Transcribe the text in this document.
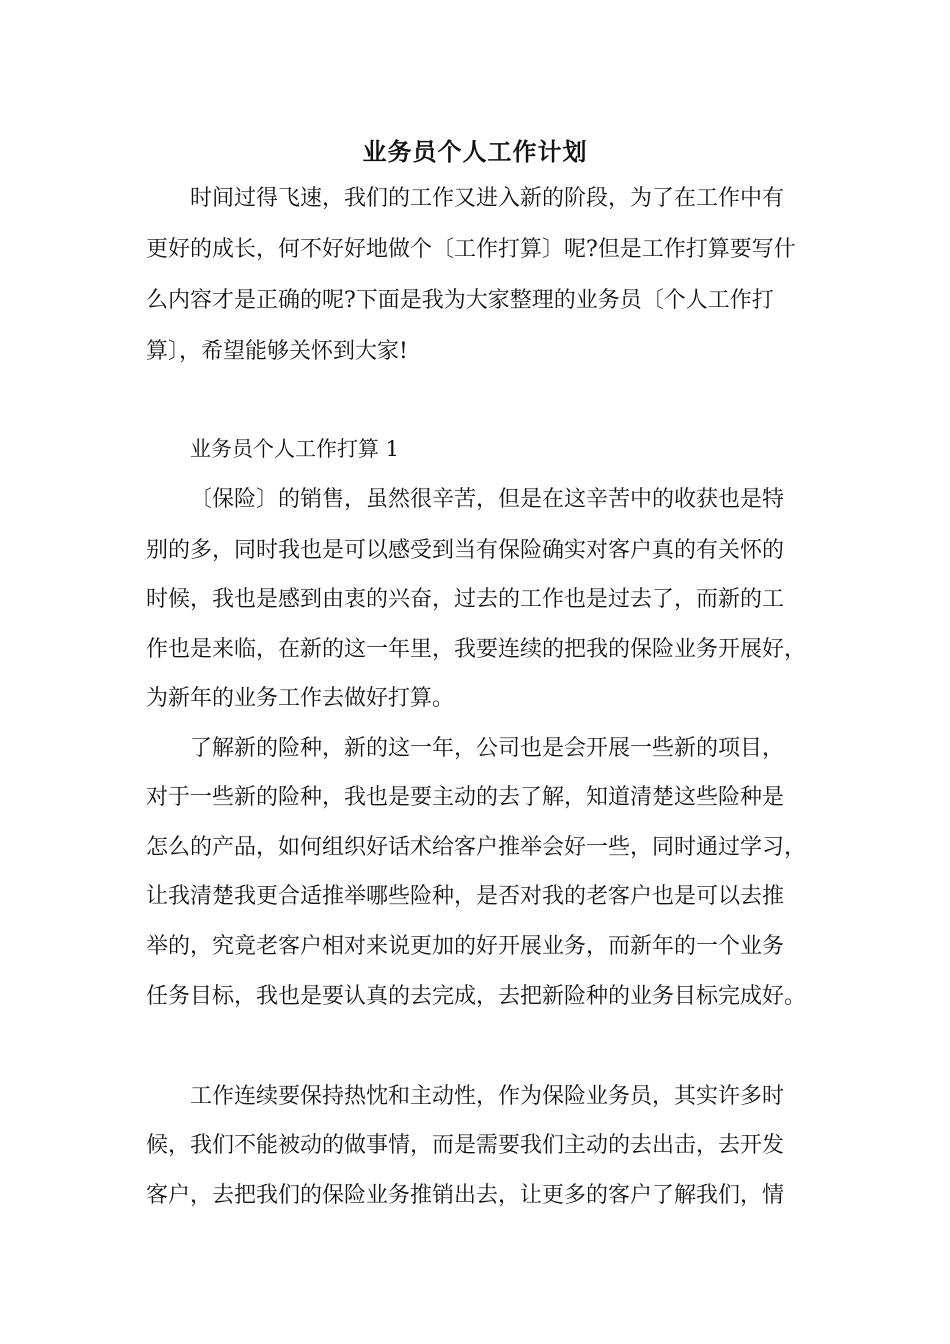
业务员个人工作计划
时间过得飞速，我们的工作又进入新的阶段，为了在工作中有
更好的成长，何不好好地做个〔工作打算〕呢?但是工作打算要写什
么内容才是正确的呢?下面是我为大家整理的业务员〔个人工作打
算〕，希望能够关怀到大家!
业务员个人工作打算 1
〔保险〕的销售，虽然很辛苦，但是在这辛苦中的收获也是特
别的多，同时我也是可以感受到当有保险确实对客户真的有关怀的
时候，我也是感到由衷的兴奋，过去的工作也是过去了，而新的工
作也是来临，在新的这一年里，我要连续的把我的保险业务开展好，
为新年的业务工作去做好打算。
了解新的险种，新的这一年，公司也是会开展一些新的项目，
对于一些新的险种，我也是要主动的去了解，知道清楚这些险种是
怎么的产品，如何组织好话术给客户推举会好一些，同时通过学习，
让我清楚我更合适推举哪些险种，是否对我的老客户也是可以去推
举的，究竟老客户相对来说更加的好开展业务，而新年的一个业务
任务目标，我也是要认真的去完成，去把新险种的业务目标完成好。
工作连续要保持热忱和主动性，作为保险业务员，其实许多时
候，我们不能被动的做事情，而是需要我们主动的去出击，去开发
客户，去把我们的保险业务推销出去，让更多的客户了解我们，情
